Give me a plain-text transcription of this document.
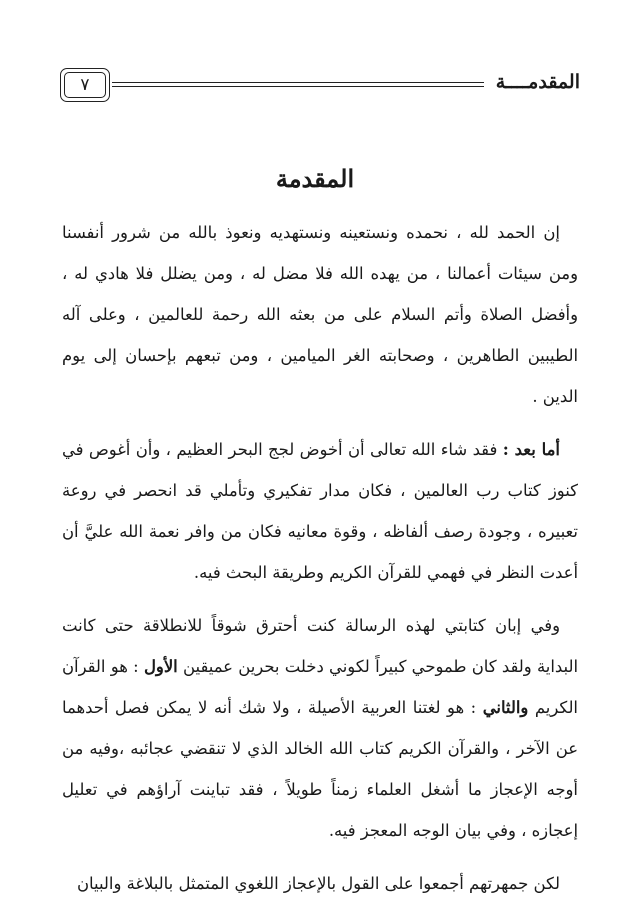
٧	المقدمــــة
المقدمة

إن الحمد لله ، نحمده ونستعينه ونستهديه ونعوذ بالله من شرور أنفسنا ومن سيئات أعمالنا ، من يهده الله فلا مضل له ، ومن يضلل فلا هادي له ، وأفضل الصلاة وأتم السلام على من بعثه الله رحمة للعالمين ، وعلى آله الطيبين الطاهرين ، وصحابته الغر الميامين ، ومن تبعهم بإحسان إلى يوم الدين .

أما بعد : فقد شاء الله تعالى أن أخوض لجج البحر العظيم ، وأن أغوص في كنوز كتاب رب العالمين ، فكان مدار تفكيري وتأملي قد انحصر في روعة تعبيره ، وجودة رصف ألفاظه ، وقوة معانيه فكان من وافر نعمة الله عليَّ أن أعدت النظر في فهمي للقرآن الكريم وطريقة البحث فيه.

وفي إبان كتابتي لهذه الرسالة كنت أحترق شوقاً للانطلاقة حتى كانت البداية ولقد كان طموحي كبيراً لكوني دخلت بحرين عميقين الأول : هو القرآن الكريم والثاني : هو لغتنا العربية الأصيلة ، ولا شك أنه لا يمكن فصل أحدهما عن الآخر ، والقرآن الكريم كتاب الله الخالد الذي لا تنقضي عجائبه ،وفيه من أوجه الإعجاز ما أشغل العلماء زمناً طويلاً ، فقد تباينت آراؤهم في تعليل إعجازه ، وفي بيان الوجه المعجز فيه.

لكن جمهرتهم أجمعوا على القول بالإعجاز اللغوي المتمثل بالبلاغة والبيان
